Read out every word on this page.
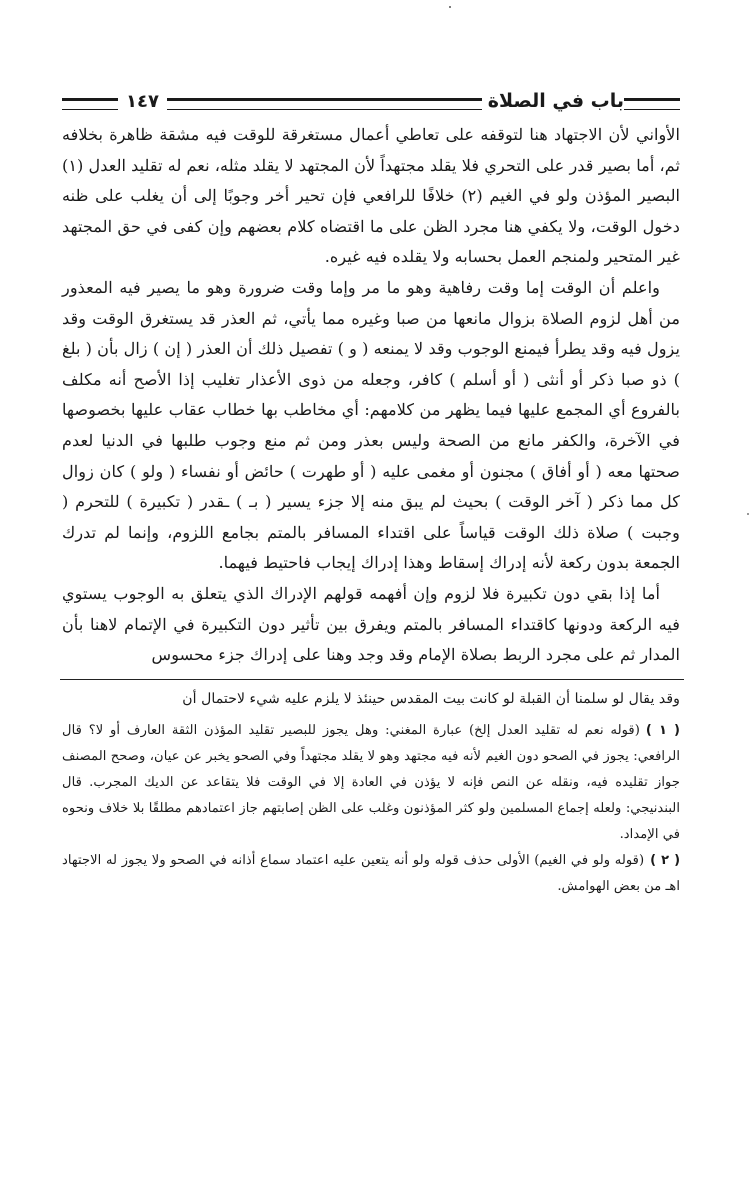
باب في الصلاة
١٤٧

الأواني لأن الاجتهاد هنا لتوقفه على تعاطي أعمال مستغرقة للوقت فيه مشقة ظاهرة بخلافه ثم، أما بصير قدر على التحري فلا يقلد مجتهداً لأن المجتهد لا يقلد مثله، نعم له تقليد العدل (١) البصير المؤذن ولو في الغيم (٢) خلافًا للرافعي فإن تحير أخر وجوبًا إلى أن يغلب على ظنه دخول الوقت، ولا يكفي هنا مجرد الظن على ما اقتضاه كلام بعضهم وإن كفى في حق المجتهد غير المتحير ولمنجم العمل بحسابه ولا يقلده فيه غيره.

واعلم أن الوقت إما وقت رفاهية وهو ما مر وإما وقت ضرورة وهو ما يصير فيه المعذور من أهل لزوم الصلاة بزوال مانعها من صبا وغيره مما يأتي، ثم العذر قد يستغرق الوقت وقد يزول فيه وقد يطرأ فيمنع الوجوب وقد لا يمنعه ( و ) تفصيل ذلك أن العذر ( إن ) زال بأن ( بلغ ) ذو صبا ذكر أو أنثى ( أو أسلم ) كافر، وجعله من ذوى الأعذار تغليب إذا الأصح أنه مكلف بالفروع أي المجمع عليها فيما يظهر من كلامهم: أي مخاطب بها خطاب عقاب عليها بخصوصها في الآخرة، والكفر مانع من الصحة وليس بعذر ومن ثم منع وجوب طلبها في الدنيا لعدم صحتها معه ( أو أفاق ) مجنون أو مغمى عليه ( أو طهرت ) حائض أو نفساء ( ولو ) كان زوال كل مما ذكر ( آخر الوقت ) بحيث لم يبق منه إلا جزء يسير ( بـ ) ـقدر ( تكبيرة ) للتحرم ( وجبت ) صلاة ذلك الوقت قياساً على اقتداء المسافر بالمتم بجامع اللزوم، وإنما لم تدرك الجمعة بدون ركعة لأنه إدراك إسقاط وهذا إدراك إيجاب فاحتيط فيهما.

أما إذا بقي دون تكبيرة فلا لزوم وإن أفهمه قولهم الإدراك الذي يتعلق به الوجوب يستوي فيه الركعة ودونها كاقتداء المسافر بالمتم ويفرق بين تأثير دون التكبيرة في الإتمام لاهنا بأن المدار ثم على مجرد الربط بصلاة الإمام وقد وجد وهنا على إدراك جزء محسوس

وقد يقال لو سلمنا أن القبلة لو كانت بيت المقدس حينئذ لا يلزم عليه شيء لاحتمال أن

( ١ )(قوله نعم له تقليد العدل إلخ) عبارة المغني: وهل يجوز للبصير تقليد المؤذن الثقة العارف أو لا؟ قال الرافعي: يجوز في الصحو دون الغيم لأنه فيه مجتهد وهو لا يقلد مجتهداً وفي الصحو يخبر عن عيان، وصحح المصنف جواز تقليده فيه، ونقله عن النص فإنه لا يؤذن في العادة إلا في الوقت فلا يتقاعد عن الديك المجرب. قال البندنيجي: ولعله إجماع المسلمين ولو كثر المؤذنون وغلب على الظن إصابتهم جاز اعتمادهم مطلقًا بلا خلاف ونحوه في الإمداد.

( ٢ )(قوله ولو في الغيم) الأولى حذف قوله ولو أنه يتعين عليه اعتماد سماع أذانه في الصحو ولا يجوز له الاجتهاد اهـ من بعض الهوامش.
